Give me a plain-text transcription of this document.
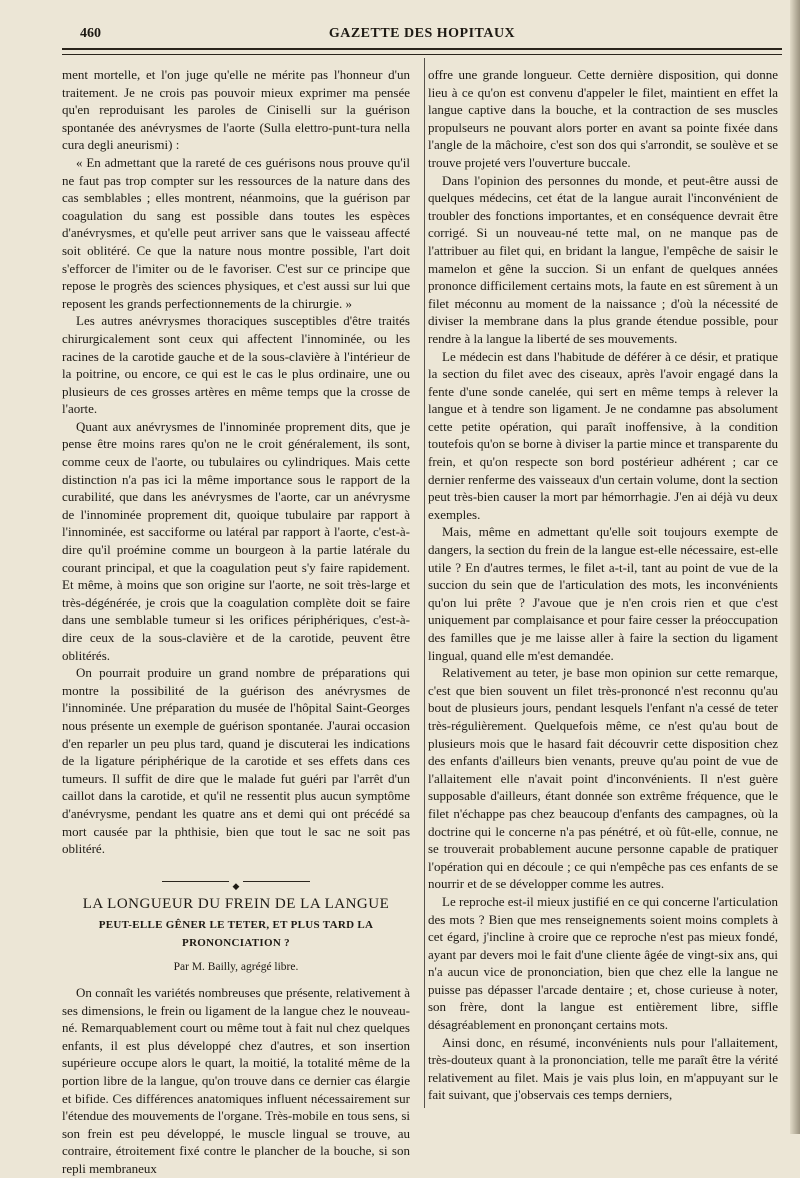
460	GAZETTE DES HOPITAUX

ment mortelle, et l'on juge qu'elle ne mérite pas l'honneur d'un traitement. Je ne crois pas pouvoir mieux exprimer ma pensée qu'en reproduisant les paroles de Ciniselli sur la guérison spontanée des anévrysmes de l'aorte (Sulla elettro-punt-tura nella cura degli aneurismi) :

« En admettant que la rareté de ces guérisons nous prouve qu'il ne faut pas trop compter sur les ressources de la nature dans des cas semblables ; elles montrent, néanmoins, que la guérison par coagulation du sang est possible dans toutes les espèces d'anévrysmes, et qu'elle peut arriver sans que le vaisseau affecté soit oblitéré. Ce que la nature nous montre possible, l'art doit s'efforcer de l'imiter ou de le favoriser. C'est sur ce principe que repose le progrès des sciences physiques, et c'est aussi sur lui que reposent les grands perfectionnements de la chirurgie. »

Les autres anévrysmes thoraciques susceptibles d'être traités chirurgicalement sont ceux qui affectent l'innominée, ou les racines de la carotide gauche et de la sous-clavière à l'intérieur de la poitrine, ou encore, ce qui est le cas le plus ordinaire, une ou plusieurs de ces grosses artères en même temps que la crosse de l'aorte.

Quant aux anévrysmes de l'innominée proprement dits, que je pense être moins rares qu'on ne le croit généralement, ils sont, comme ceux de l'aorte, ou tubulaires ou cylindriques. Mais cette distinction n'a pas ici la même importance sous le rapport de la curabilité, que dans les anévrysmes de l'aorte, car un anévrysme de l'innominée proprement dit, quoique tubulaire par rapport à l'innominée, est sacciforme ou latéral par rapport à l'aorte, c'est-à-dire qu'il proémine comme un bourgeon à la partie latérale du courant principal, et que la coagulation peut s'y faire rapidement. Et même, à moins que son origine sur l'aorte, ne soit très-large et très-dégénérée, je crois que la coagulation complète doit se faire dans une semblable tumeur si les orifices périphériques, c'est-à-dire ceux de la sous-clavière et de la carotide, peuvent être oblitérés.

On pourrait produire un grand nombre de préparations qui montre la possibilité de la guérison des anévrysmes de l'innominée. Une préparation du musée de l'hôpital Saint-Georges nous présente un exemple de guérison spontanée. J'aurai occasion d'en reparler un peu plus tard, quand je discuterai les indications de la ligature périphérique de la carotide et ses effets dans ces tumeurs. Il suffit de dire que le malade fut guéri par l'arrêt d'un caillot dans la carotide, et qu'il ne ressentit plus aucun symptôme d'anévrysme, pendant les quatre ans et demi qui ont précédé sa mort causée par la phthisie, bien que tout le sac ne soit pas oblitéré.

◆
LA LONGUEUR DU FREIN DE LA LANGUE
PEUT-ELLE GÊNER LE TETER, ET PLUS TARD LA PRONONCIATION ?
Par M. Bailly, agrégé libre.

On connaît les variétés nombreuses que présente, relativement à ses dimensions, le frein ou ligament de la langue chez le nouveau-né. Remarquablement court ou même tout à fait nul chez quelques enfants, il est plus développé chez d'autres, et son insertion supérieure occupe alors le quart, la moitié, la totalité même de la portion libre de la langue, qu'on trouve dans ce dernier cas élargie et bifide. Ces différences anatomiques influent nécessairement sur l'étendue des mouvements de l'organe. Très-mobile en tous sens, si son frein est peu développé, le muscle lingual se trouve, au contraire, étroitement fixé contre le plancher de la bouche, si son repli membraneux

offre une grande longueur. Cette dernière disposition, qui donne lieu à ce qu'on est convenu d'appeler le filet, maintient en effet la langue captive dans la bouche, et la contraction de ses muscles propulseurs ne pouvant alors porter en avant sa pointe fixée dans l'angle de la mâchoire, c'est son dos qui s'arrondit, se soulève et se trouve projeté vers l'ouverture buccale.

Dans l'opinion des personnes du monde, et peut-être aussi de quelques médecins, cet état de la langue aurait l'inconvénient de troubler des fonctions importantes, et en conséquence devrait être corrigé. Si un nouveau-né tette mal, on ne manque pas de l'attribuer au filet qui, en bridant la langue, l'empêche de saisir le mamelon et gêne la succion. Si un enfant de quelques années prononce difficilement certains mots, la faute en est sûrement à un filet méconnu au moment de la naissance ; d'où la nécessité de diviser la membrane dans la plus grande étendue possible, pour rendre à la langue la liberté de ses mouvements.

Le médecin est dans l'habitude de déférer à ce désir, et pratique la section du filet avec des ciseaux, après l'avoir engagé dans la fente d'une sonde canelée, qui sert en même temps à relever la langue et à tendre son ligament. Je ne condamne pas absolument cette petite opération, qui paraît inoffensive, à la condition toutefois qu'on se borne à diviser la partie mince et transparente du frein, et qu'on respecte son bord postérieur adhérent ; car ce dernier renferme des vaisseaux d'un certain volume, dont la section peut très-bien causer la mort par hémorrhagie. J'en ai déjà vu deux exemples.

Mais, même en admettant qu'elle soit toujours exempte de dangers, la section du frein de la langue est-elle nécessaire, est-elle utile ? En d'autres termes, le filet a-t-il, tant au point de vue de la succion du sein que de l'articulation des mots, les inconvénients qu'on lui prête ? J'avoue que je n'en crois rien et que c'est uniquement par complaisance et pour faire cesser la préoccupation des familles que je me laisse aller à faire la section du ligament lingual, quand elle m'est demandée.

Relativement au teter, je base mon opinion sur cette remarque, c'est que bien souvent un filet très-prononcé n'est reconnu qu'au bout de plusieurs jours, pendant lesquels l'enfant n'a cessé de teter très-régulièrement. Quelquefois même, ce n'est qu'au bout de plusieurs mois que le hasard fait découvrir cette disposition chez des enfants d'ailleurs bien venants, preuve qu'au point de vue de l'allaitement elle n'avait point d'inconvénients. Il n'est guère supposable d'ailleurs, étant donnée son extrême fréquence, que le filet n'échappe pas chez beaucoup d'enfants des campagnes, où la doctrine qui le concerne n'a pas pénétré, et où fût-elle, connue, ne se trouverait probablement aucune personne capable de pratiquer l'opération qui en découle ; ce qui n'empêche pas ces enfants de se nourrir et de se développer comme les autres.

Le reproche est-il mieux justifié en ce qui concerne l'articulation des mots ? Bien que mes renseignements soient moins complets à cet égard, j'incline à croire que ce reproche n'est pas mieux fondé, ayant par devers moi le fait d'une cliente âgée de vingt-six ans, qui n'a aucun vice de prononciation, bien que chez elle la langue ne puisse pas dépasser l'arcade dentaire ; et, chose curieuse à noter, son frère, dont la langue est entièrement libre, siffle désagréablement en prononçant certains mots.

Ainsi donc, en résumé, inconvénients nuls pour l'allaitement, très-douteux quant à la prononciation, telle me paraît être la vérité relativement au filet. Mais je vais plus loin, en m'appuyant sur le fait suivant, que j'observais ces temps derniers,
